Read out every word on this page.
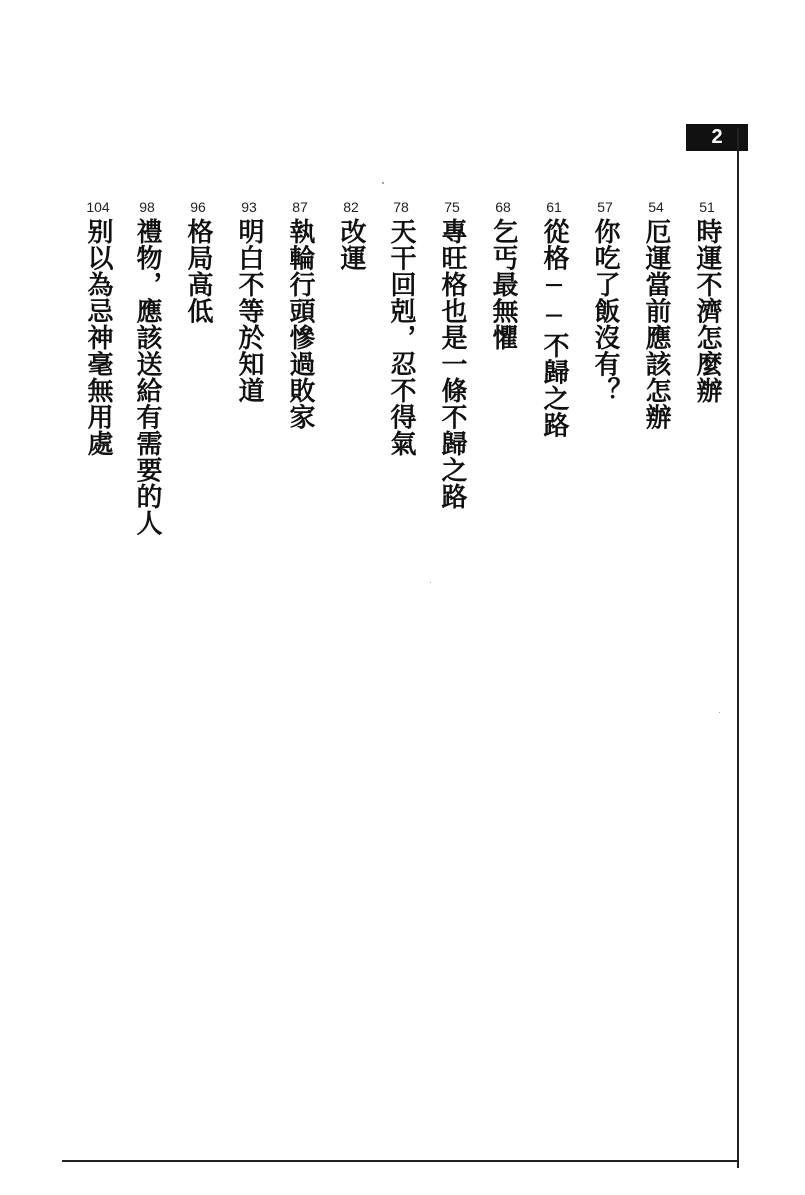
2
51
時運不濟怎麼辦
54
厄運當前應該怎辦
57
你吃了飯沒有？
61
從格──不歸之路
68
乞丐最無懼
75
專旺格也是一條不歸之路
78
天干回剋，忍不得氣
82
改運
87
執輪行頭慘過敗家
93
明白不等於知道
96
格局高低
98
禮物，應該送給有需要的人
104
别以為忌神毫無用處
